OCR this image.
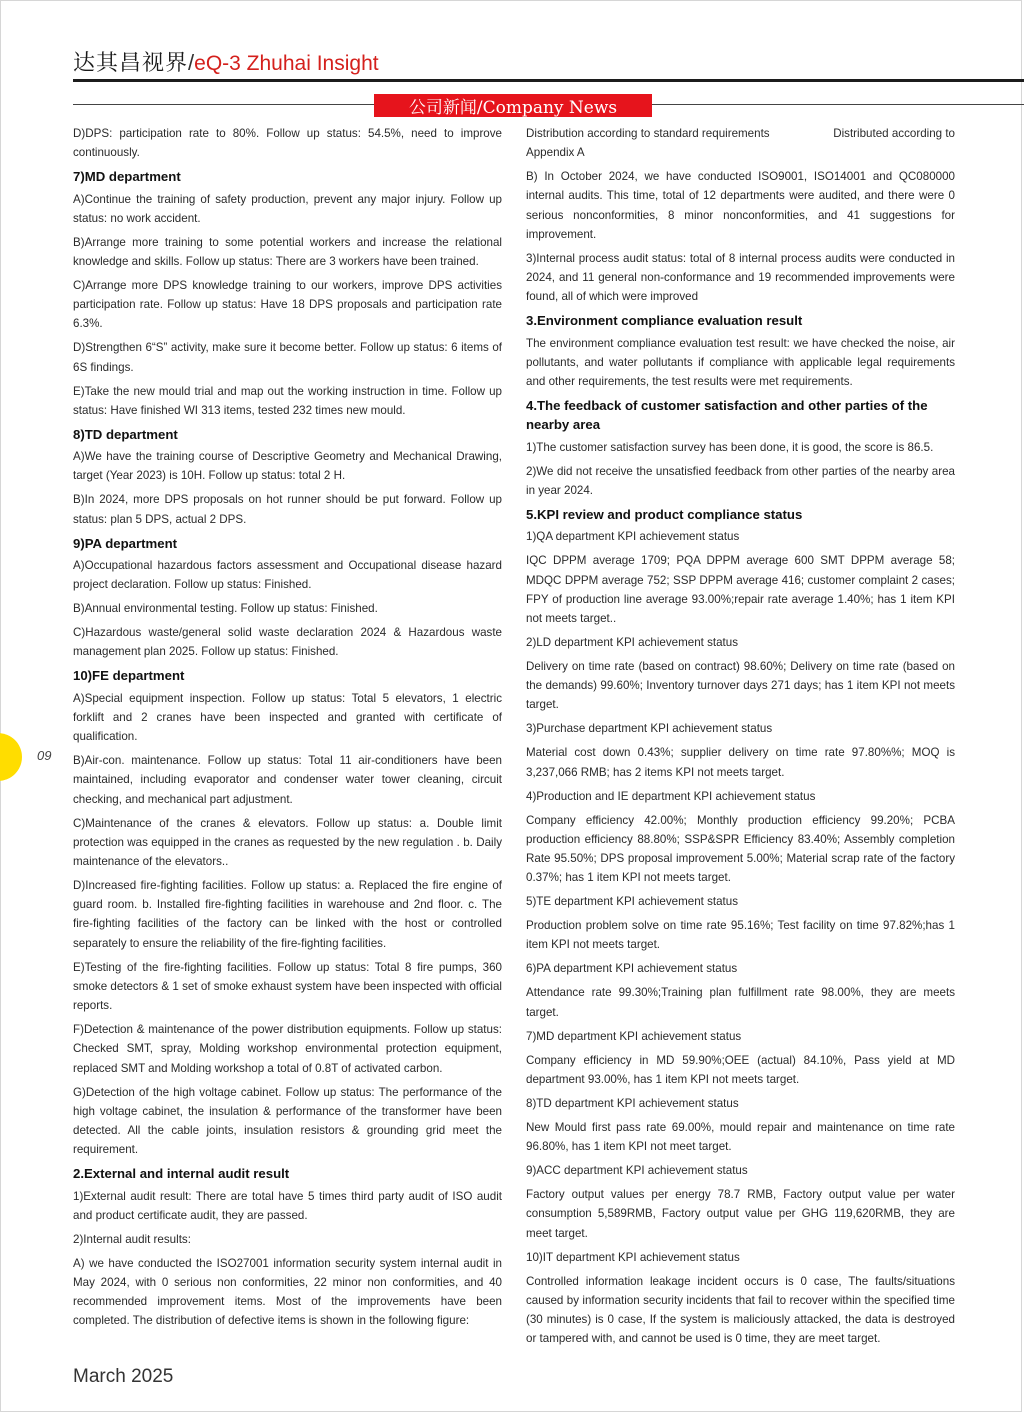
达其昌视界/eQ-3 Zhuhai Insight
公司新闻/Company News
09

D)DPS: participation rate to 80%. Follow up status: 54.5%, need to improve continuously.

7)MD department

A)Continue the training of safety production, prevent any major injury. Follow up status: no work accident.

B)Arrange more training to some potential workers and increase the relational knowledge and skills. Follow up status: There are 3 workers have been trained.

C)Arrange more DPS knowledge training to our workers, improve DPS activities participation rate. Follow up status: Have 18 DPS proposals and participation rate 6.3%.

D)Strengthen 6“S” activity, make sure it become better. Follow up status: 6 items of 6S findings.

E)Take the new mould trial and map out the working instruction in time. Follow up status: Have finished WI 313 items, tested 232 times new mould.

8)TD department

A)We have the training course of Descriptive Geometry and Mechanical Drawing, target (Year 2023) is 10H. Follow up status: total 2 H.

B)In 2024, more DPS proposals on hot runner should be put forward. Follow up status: plan 5 DPS, actual 2 DPS.

9)PA department

A)Occupational hazardous factors assessment and Occupational disease hazard project declaration. Follow up status: Finished.

B)Annual environmental testing. Follow up status: Finished.

C)Hazardous waste/general solid waste declaration 2024 & Hazardous waste management plan 2025. Follow up status: Finished.

10)FE department

A)Special equipment inspection. Follow up status: Total 5 elevators, 1 electric forklift and 2 cranes have been inspected and granted with certificate of qualification.

B)Air-con. maintenance. Follow up status: Total 11 air-conditioners have been maintained, including evaporator and condenser water tower cleaning, circuit checking, and mechanical part adjustment.

C)Maintenance of the cranes & elevators. Follow up status: a. Double limit protection was equipped in the cranes as requested by the new regulation . b. Daily maintenance of the elevators..

D)Increased fire-fighting facilities. Follow up status: a. Replaced the fire engine of guard room. b. Installed fire-fighting facilities in warehouse and 2nd floor. c. The fire-fighting facilities of the factory can be linked with the host or controlled separately to ensure the reliability of the fire-fighting facilities.

E)Testing of the fire-fighting facilities. Follow up status: Total 8 fire pumps, 360 smoke detectors & 1 set of smoke exhaust system have been inspected with official reports.

F)Detection & maintenance of the power distribution equipments. Follow up status: Checked SMT, spray, Molding workshop environmental protection equipment, replaced SMT and Molding workshop a total of 0.8T of activated carbon.

G)Detection of the high voltage cabinet. Follow up status: The performance of the high voltage cabinet, the insulation & performance of the transformer have been detected. All the cable joints, insulation resistors & grounding grid meet the requirement.

2.External and internal audit result

1)External audit result: There are total have 5 times third party audit of ISO audit and product certificate audit, they are passed.

2)Internal audit results:

A) we have conducted the ISO27001 information security system internal audit in May 2024, with 0 serious non conformities, 22 minor non conformities, and 40 recommended improvement items. Most of the improvements have been completed. The distribution of defective items is shown in the following figure:

Distribution according to standard requirements	Distributed according to

Appendix A

B) In October 2024, we have conducted ISO9001, ISO14001 and QC080000 internal audits. This time, total of 12 departments were audited, and there were 0 serious nonconformities, 8 minor nonconformities, and 41 suggestions for improvement.

3)Internal process audit status: total of 8 internal process audits were conducted in 2024, and 11 general non-conformance and 19 recommended improvements were found, all of which were improved

3.Environment compliance evaluation result

The environment compliance evaluation test result: we have checked the noise, air pollutants, and water pollutants if compliance with applicable legal requirements and other requirements, the test results were met requirements.

4.The feedback of customer satisfaction and other parties of the nearby area

1)The customer satisfaction survey has been done, it is good, the score is 86.5.

2)We did not receive the unsatisfied feedback from other parties of the nearby area in year 2024.

5.KPI review and product compliance status

1)QA department KPI achievement status

IQC DPPM average 1709; PQA DPPM average 600 SMT DPPM average 58; MDQC DPPM average 752; SSP DPPM average 416; customer complaint 2 cases; FPY of production line average 93.00%;repair rate average 1.40%; has 1 item KPI not meets target..

2)LD department KPI achievement status

Delivery on time rate (based on contract) 98.60%; Delivery on time rate (based on the demands) 99.60%; Inventory turnover days 271 days; has 1 item KPI not meets target.

3)Purchase department KPI achievement status

Material cost down 0.43%; supplier delivery on time rate 97.80%%; MOQ is 3,237,066 RMB; has 2 items KPI not meets target.

4)Production and IE department KPI achievement status

Company efficiency 42.00%; Monthly production efficiency 99.20%; PCBA production efficiency 88.80%; SSP&SPR Efficiency 83.40%; Assembly completion Rate 95.50%; DPS proposal improvement 5.00%; Material scrap rate of the factory 0.37%; has 1 item KPI not meets target.

5)TE department KPI achievement status

Production problem solve on time rate 95.16%; Test facility on time 97.82%;has 1 item KPI not meets target.

6)PA department KPI achievement status

Attendance rate 99.30%;Training plan fulfillment rate 98.00%, they are meets target.

7)MD department KPI achievement status

Company efficiency in MD 59.90%;OEE (actual) 84.10%, Pass yield at MD department 93.00%, has 1 item KPI not meets target.

8)TD department KPI achievement status

New Mould first pass rate 69.00%, mould repair and maintenance on time rate 96.80%, has 1 item KPI not meet target.

9)ACC department KPI achievement status

Factory output values per energy 78.7 RMB, Factory output value per water consumption 5,589RMB, Factory output value per GHG 119,620RMB, they are meet target.

10)IT department KPI achievement status

Controlled information leakage incident occurs is 0 case, The faults/situations caused by information security incidents that fail to recover within the specified time (30 minutes) is 0 case, If the system is maliciously attacked, the data is destroyed or tampered with, and cannot be used is 0 time, they are meet target.

March 2025
